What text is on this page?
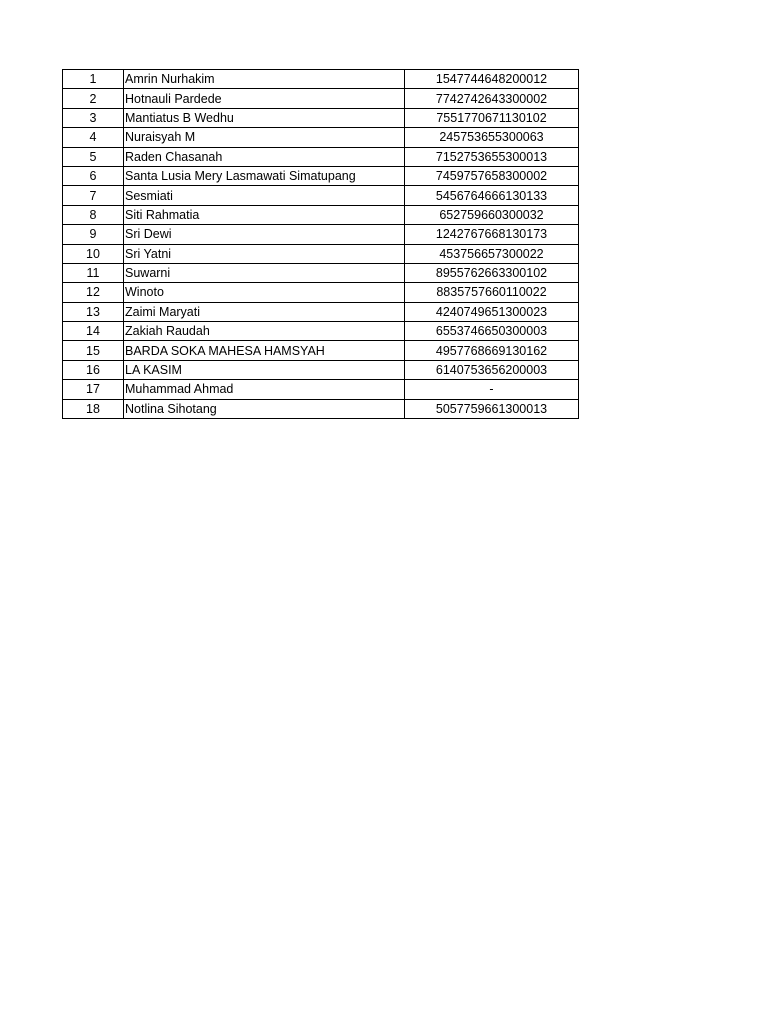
1	Amrin Nurhakim	1547744648200012
2	Hotnauli Pardede	7742742643300002
3	Mantiatus B Wedhu	7551770671130102
4	Nuraisyah M	245753655300063
5	Raden Chasanah	7152753655300013
6	Santa Lusia Mery Lasmawati Simatupang	7459757658300002
7	Sesmiati	5456764666130133
8	Siti Rahmatia	652759660300032
9	Sri Dewi	1242767668130173
10	Sri Yatni	453756657300022
11	Suwarni	8955762663300102
12	Winoto	8835757660110022
13	Zaimi Maryati	4240749651300023
14	Zakiah Raudah	6553746650300003
15	BARDA SOKA MAHESA HAMSYAH	4957768669130162
16	LA KASIM	6140753656200003
17	Muhammad Ahmad	-
18	Notlina Sihotang	5057759661300013
